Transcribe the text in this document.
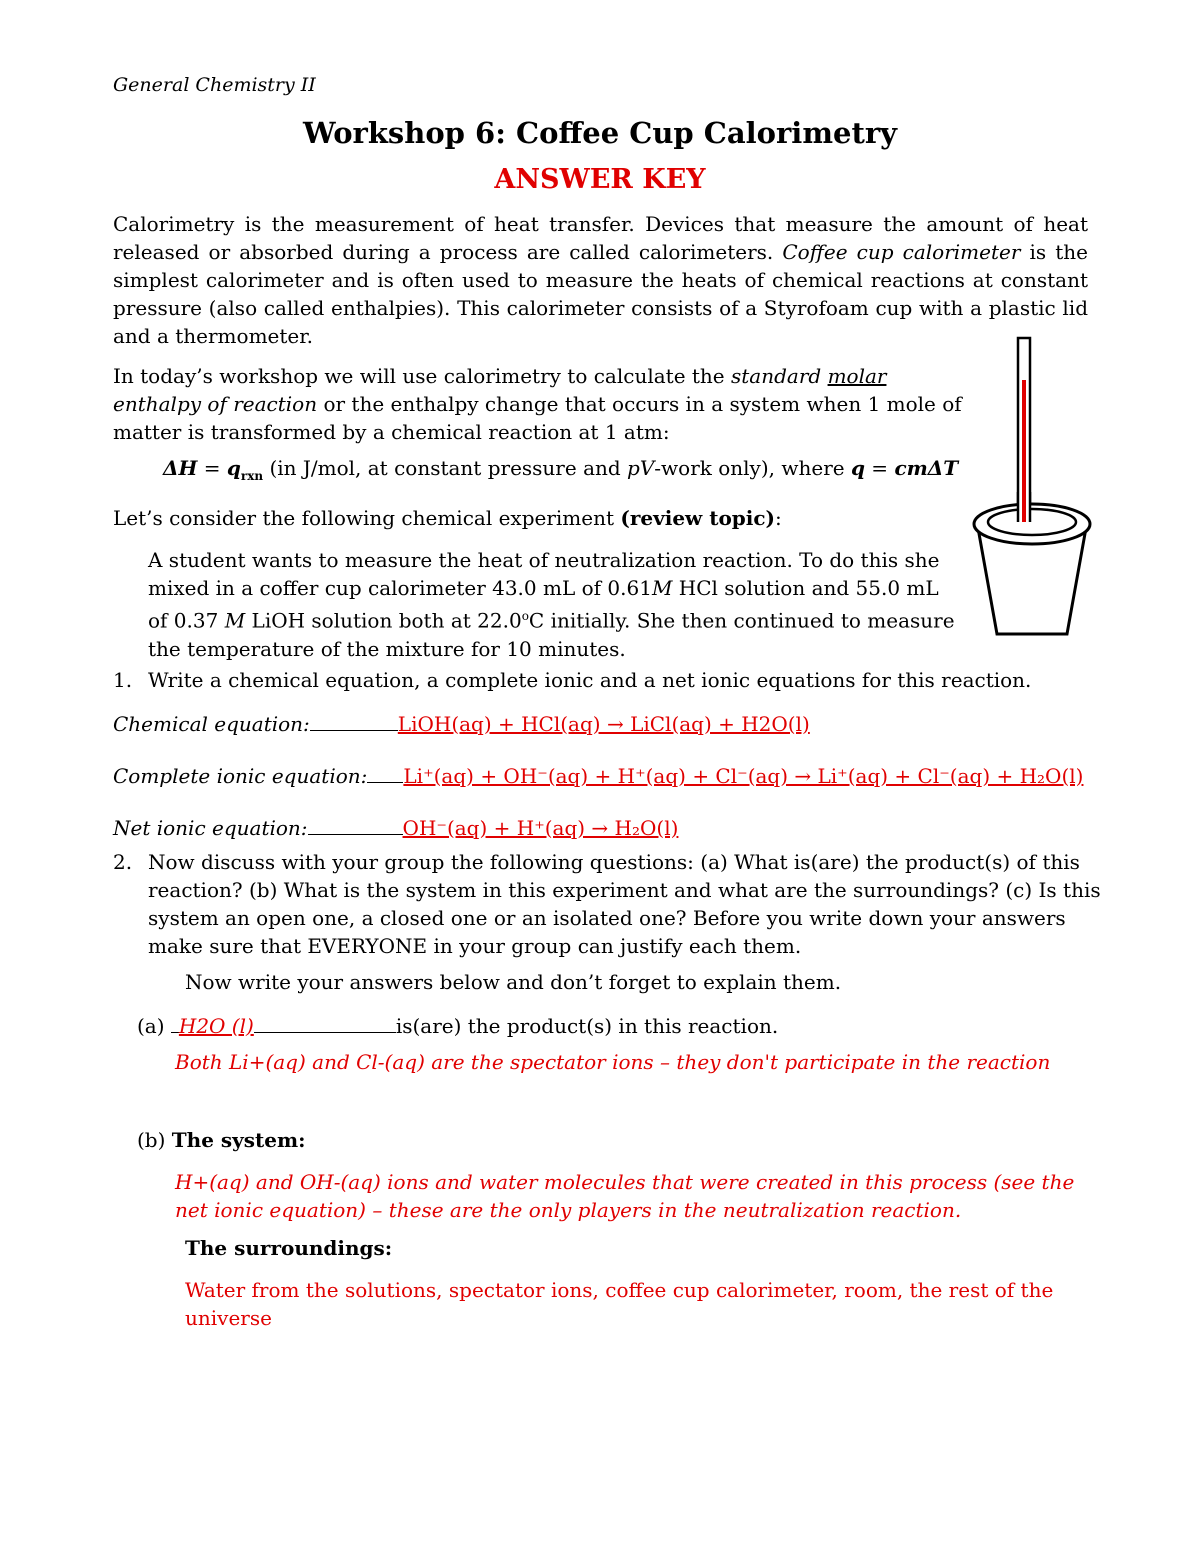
General Chemistry II
Workshop 6: Coffee Cup Calorimetry
ANSWER KEY
Calorimetry is the measurement of heat transfer. Devices that measure the amount of heat released or absorbed during a process are called calorimeters. Coffee cup calorimeter is the simplest calorimeter and is often used to measure the heats of chemical reactions at constant pressure (also called enthalpies). This calorimeter consists of a Styrofoam cup with a plastic lid and a thermometer.
In today’s workshop we will use calorimetry to calculate the standard molar enthalpy of reaction or the enthalpy change that occurs in a system when 1 mole of matter is transformed by a chemical reaction at 1 atm:
$\Delta H = q_{rxn}$ (in J/mol, at constant pressure and pV-work only), where q = cmΔT
Let’s consider the following chemical experiment (review topic):
A student wants to measure the heat of neutralization reaction. To do this she mixed in a coffer cup calorimeter 43.0 mL of 0.61M HCl solution and 55.0 mL of 0.37 M LiOH solution both at 22.0$^o$C initially. She then continued to measure the temperature of the mixture for 10 minutes.
1. Write a chemical equation, a complete ionic and a net ionic equations for this reaction.
Chemical equation:	LiOH(aq) + HCl(aq) → LiCl(aq) + H2O(l)
Complete ionic equation: Li⁺(aq) + OH⁻(aq) + H⁺(aq) + Cl⁻(aq) → Li⁺(aq) + Cl⁻(aq) + H₂O(l)
Net ionic equation:	OH⁻(aq) + H⁺(aq) → H₂O(l)
2. Now discuss with your group the following questions: (a) What is(are) the product(s) of this reaction? (b) What is the system in this experiment and what are the surroundings? (c) Is this system an open one, a closed one or an isolated one? Before you write down your answers make sure that EVERYONE in your group can justify each them.
Now write your answers below and don’t forget to explain them.
(a) H2O (l)	is(are) the product(s) in this reaction.
Both Li+(aq) and Cl-(aq) are the spectator ions – they don't participate in the reaction
(b) The system:
H+(aq) and OH-(aq) ions and water molecules that were created in this process (see the net ionic equation) – these are the only players in the neutralization reaction.
The surroundings:
Water from the solutions, spectator ions, coffee cup calorimeter, room, the rest of the universe
